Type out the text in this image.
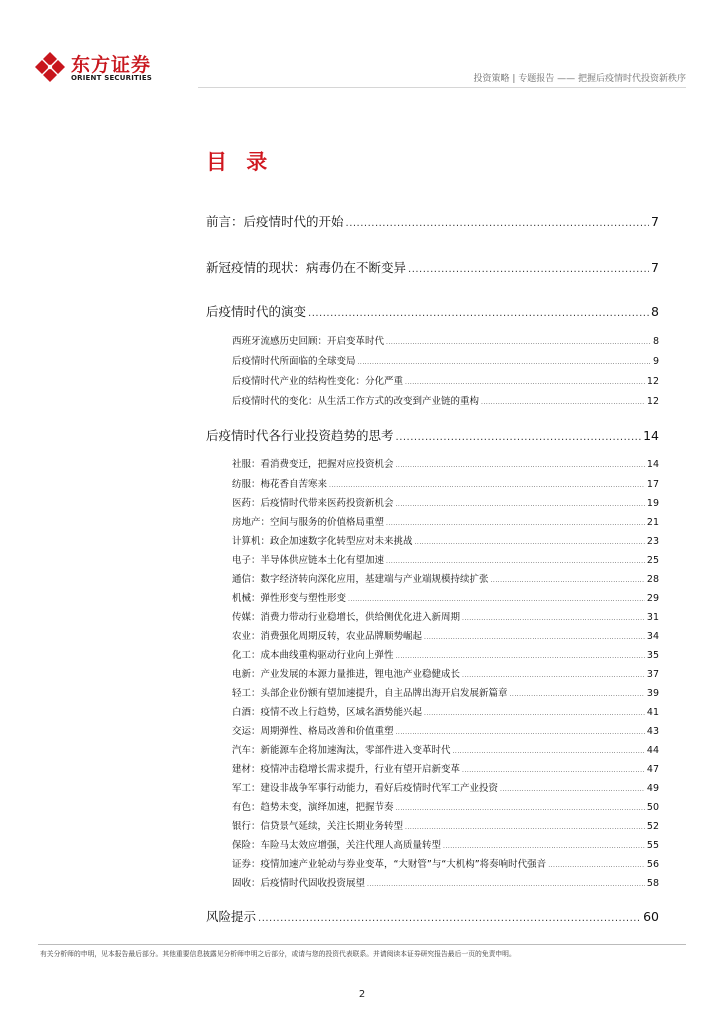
东方证券
ORIENT SECURITIES	投资策略 | 专题报告 —— 把握后疫情时代投资新秩序
目 录
前言：后疫情时代的开始 .....	7
新冠疫情的现状：病毒仍在不断变异 .....	7
后疫情时代的演变 .....	8
西班牙流感历史回顾：开启变革时代 .....	8
后疫情时代所面临的全球变局 .....	9
后疫情时代产业的结构性变化：分化严重 .....	12
后疫情时代的变化：从生活工作方式的改变到产业链的重构 .....	12
后疫情时代各行业投资趋势的思考 .....	14
社服：看消费变迁，把握对应投资机会 .....	14
纺服：梅花香自苦寒来 .....	17
医药：后疫情时代带来医药投资新机会 .....	19
房地产：空间与服务的价值格局重塑 .....	21
计算机：政企加速数字化转型应对未来挑战 .....	23
电子：半导体供应链本土化有望加速 .....	25
通信：数字经济转向深化应用，基建端与产业端规模持续扩张 .....	28
机械：弹性形变与塑性形变 .....	29
传媒：消费力带动行业稳增长，供给侧优化进入新周期 .....	31
农业：消费强化周期反转，农业品牌顺势崛起 .....	34
化工：成本曲线重构驱动行业向上弹性 .....	35
电新：产业发展的本源力量推进，锂电池产业稳健成长 .....	37
轻工：头部企业份额有望加速提升，自主品牌出海开启发展新篇章 .....	39
白酒：疫情不改上行趋势，区域名酒势能兴起 .....	41
交运：周期弹性、格局改善和价值重塑 .....	43
汽车：新能源车企将加速淘汰，零部件进入变革时代 .....	44
建材：疫情冲击稳增长需求提升，行业有望开启新变革 .....	47
军工：建设非战争军事行动能力，看好后疫情时代军工产业投资 .....	49
有色：趋势未变，演绎加速，把握节奏 .....	50
银行：信贷景气延续，关注长期业务转型 .....	52
保险：车险马太效应增强，关注代理人高质量转型 .....	55
证券：疫情加速产业轮动与券业变革，“大财管”与“大机构”将奏响时代强音 .....	56
固收：后疫情时代固收投资展望 .....	58
风险提示 .....	60
有关分析师的申明，见本报告最后部分。其他重要信息披露见分析师申明之后部分，或请与您的投资代表联系。并请阅读本证券研究报告最后一页的免责申明。
2
